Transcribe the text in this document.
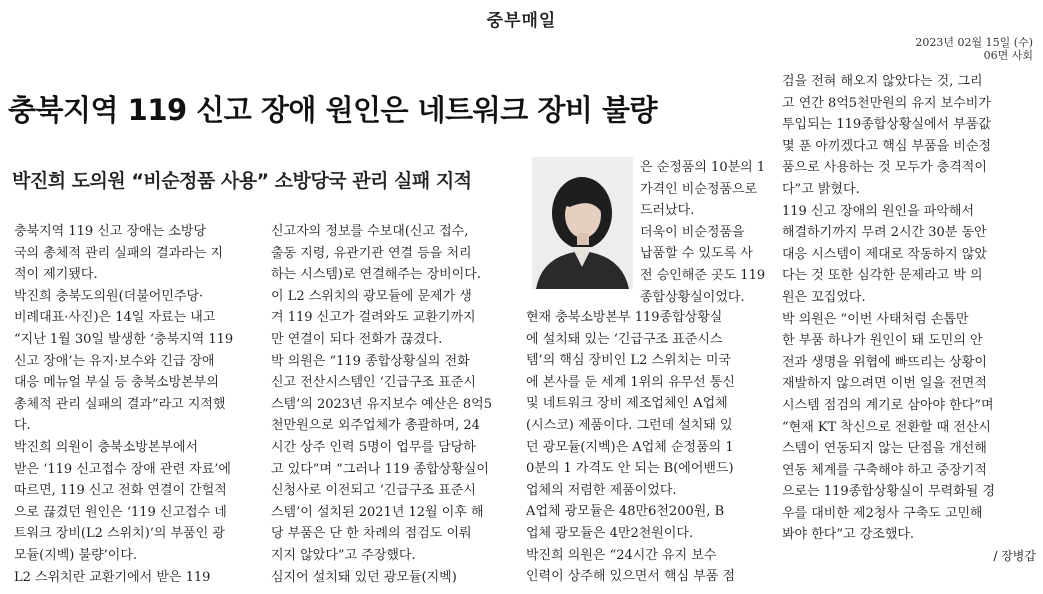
중부매일
2023년 02월 15일 (수)
06면 사회
충북지역 119 신고 장애 원인은 네트워크 장비 불량
박진희 도의원 “비순정품 사용” 소방당국 관리 실패 지적
충북지역 119 신고 장애는 소방당
국의 총체적 관리 실패의 결과라는 지
적이 제기됐다.
박진희 충북도의원(더불어민주당·
비례대표·사진)은 14일 자료는 내고
“지난 1월 30일 발생한 ‘충북지역 119
신고 장애’는 유지·보수와 긴급 장애
대응 메뉴얼 부실 등 충북소방본부의
총체적 관리 실패의 결과”라고 지적했
다.
박진희 의원이 충북소방본부에서
받은 ‘119 신고접수 장애 관련 자료’에
따르면, 119 신고 전화 연결이 간헐적
으로 끊겼던 원인은 ‘119 신고접수 네
트워크 장비(L2 스위치)’의 부품인 광
모듈(지벡) 불량’이다.
L2 스위치란 교환기에서 받은 119
신고자의 정보를 수보대(신고 접수,
출동 지령, 유관기관 연결 등을 처리
하는 시스템)로 연결해주는 장비이다.
이 L2 스위치의 광모듈에 문제가 생
겨 119 신고가 걸려와도 교환기까지
만 연결이 되다 전화가 끊겼다.
박 의원은 “119 종합상황실의 전화
신고 전산시스템인 ‘긴급구조 표준시
스템’의 2023년 유지보수 예산은 8억5
천만원으로 외주업체가 총괄하며, 24
시간 상주 인력 5명이 업무를 담당하
고 있다”며 “그러나 119 종합상황실이
신청사로 이전되고 ‘긴급구조 표준시
스템’이 설치된 2021년 12월 이후 해
당 부품은 단 한 차례의 점검도 이뤄
지지 않았다”고 주장했다.
심지어 설치돼 있던 광모듈(지벡)
은 순정품의 10분의 1
가격인 비순정품으로
드러났다.
더욱이 비순정품을
납품할 수 있도록 사
전 승인해준 곳도 119
종합상황실이었다.
현재 충북소방본부 119종합상황실
에 설치돼 있는 ‘긴급구조 표준시스
템’의 핵심 장비인 L2 스위치는 미국
에 본사를 둔 세계 1위의 유무선 통신
및 네트워크 장비 제조업체인 A업체
(시스코) 제품이다. 그런데 설치돼 있
던 광모듈(지벡)은 A업체 순정품의 1
0분의 1 가격도 안 되는 B(에어밴드)
업체의 저렴한 제품이었다.
A업체 광모듈은 48만6천200원, B
업체 광모듈은 4만2천원이다.
박진희 의원은 “24시간 유지 보수
인력이 상주해 있으면서 핵심 부품 점
검을 전혀 해오지 않았다는 것, 그리
고 연간 8억5천만원의 유지 보수비가
투입되는 119종합상황실에서 부품값
몇 푼 아끼겠다고 핵심 부품을 비순정
품으로 사용하는 것 모두가 충격적이
다”고 밝혔다.
119 신고 장애의 원인을 파악해서
해결하기까지 무려 2시간 30분 동안
대응 시스템이 제대로 작동하지 않았
다는 것 또한 심각한 문제라고 박 의
원은 꼬집었다.
박 의원은 “이번 사태처럼 손톱만
한 부품 하나가 원인이 돼 도민의 안
전과 생명을 위협에 빠뜨리는 상황이
재발하지 않으려면 이번 일을 전면적
시스템 점검의 계기로 삼아야 한다”며
“현재 KT 착신으로 전환할 때 전산시
스템이 연동되지 않는 단점을 개선해
연동 체계를 구축해야 하고 중장기적
으로는 119종합상황실이 무력화될 경
우를 대비한 제2청사 구축도 고민해
봐야 한다”고 강조했다.
/ 장병갑
